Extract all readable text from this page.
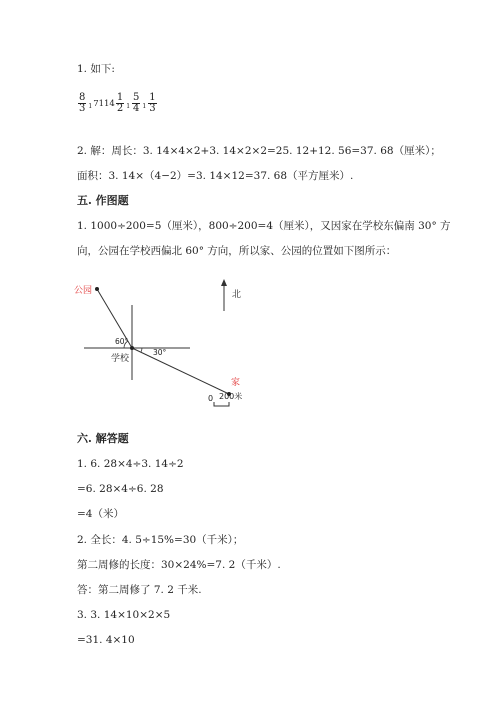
1. 如下:
$\frac{8}{3} 1$ $7114 \frac{1}{2} 1 \frac{5}{4} 1 \frac{1}{3}$
2. 解：周长：3. 14×4×2+3. 14×2×2=25. 12+12. 56=37. 68（厘米）；
面积：3. 14×（4−2）=3. 14×12=37. 68（平方厘米）.
五. 作图题
1. 1000÷200=5（厘米），800÷200=4（厘米），又因家在学校东偏南 30° 方
向，公园在学校西偏北 60° 方向，所以家、公园的位置如下图所示：
公园
60°
30°
学校
家
北
0 200米
六. 解答题
1. 6. 28×4÷3. 14÷2
=6. 28×4÷6. 28
=4（米）
2. 全长：4. 5÷15%=30（千米）；
第二周修的长度：30×24%=7. 2（千米）.
答：第二周修了 7. 2 千米.
3. 3. 14×10×2×5
=31. 4×10
